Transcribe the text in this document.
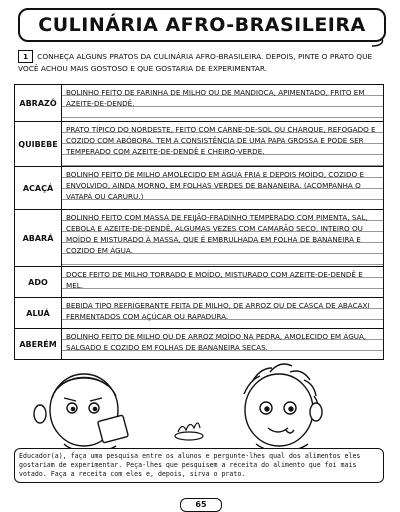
CULINÁRIA AFRO-BRASILEIRA
1 CONHEÇA ALGUNS PRATOS DA CULINÁRIA AFRO-BRASILEIRA. DEPOIS, PINTE O PRATO QUE VOCÊ ACHOU MAIS GOSTOSO E QUE GOSTARIA DE EXPERIMENTAR.
ABRAZÔ
BOLINHO FEITO DE FARINHA DE MILHO OU DE MANDIOCA, APIMENTADO, FRITO EM AZEITE-DE-DENDÊ.
QUIBEBE
PRATO TÍPICO DO NORDESTE, FEITO COM CARNE-DE-SOL OU CHARQUE, REFOGADO E COZIDO COM ABÓBORA. TEM A CONSISTÊNCIA DE UMA PAPA GROSSA E PODE SER TEMPERADO COM AZEITE-DE-DENDÊ E CHEIRO-VERDE.
ACAÇÁ
BOLINHO FEITO DE MILHO AMOLECIDO EM ÁGUA FRIA E DEPOIS MOÍDO, COZIDO E ENVOLVIDO, AINDA MORNO, EM FOLHAS VERDES DE BANANEIRA. (ACOMPANHA O VATAPÁ OU CARURU.)
ABARÁ
BOLINHO FEITO COM MASSA DE FEIJÃO-FRADINHO TEMPERADO COM PIMENTA, SAL, CEBOLA E AZEITE-DE-DENDÊ, ALGUMAS VEZES COM CAMARÃO SECO, INTEIRO OU MOÍDO E MISTURADO À MASSA, QUE É EMBRULHADA EM FOLHA DE BANANEIRA E COZIDO EM ÁGUA.
ADO
DOCE FEITO DE MILHO TORRADO E MOÍDO, MISTURADO COM AZEITE-DE-DENDÊ E MEL.
ALUÁ
BEBIDA TIPO REFRIGERANTE FEITA DE MILHO, DE ARROZ OU DE CASCA DE ABACAXI FERMENTADOS COM AÇÚCAR OU RAPADURA.
ABERÉM
BOLINHO FEITO DE MILHO OU DE ARROZ MOÍDO NA PEDRA, AMOLECIDO EM ÁGUA, SALGADO E COZIDO EM FOLHAS DE BANANEIRA SECAS.
Educador(a), faça uma pesquisa entre os alunos e pergunte-lhes qual dos alimentos eles gostariam de experimentar. Peça-lhes que pesquisem a receita do alimento que foi mais votado. Faça a receita com eles e, depois, sirva o prato.
65
